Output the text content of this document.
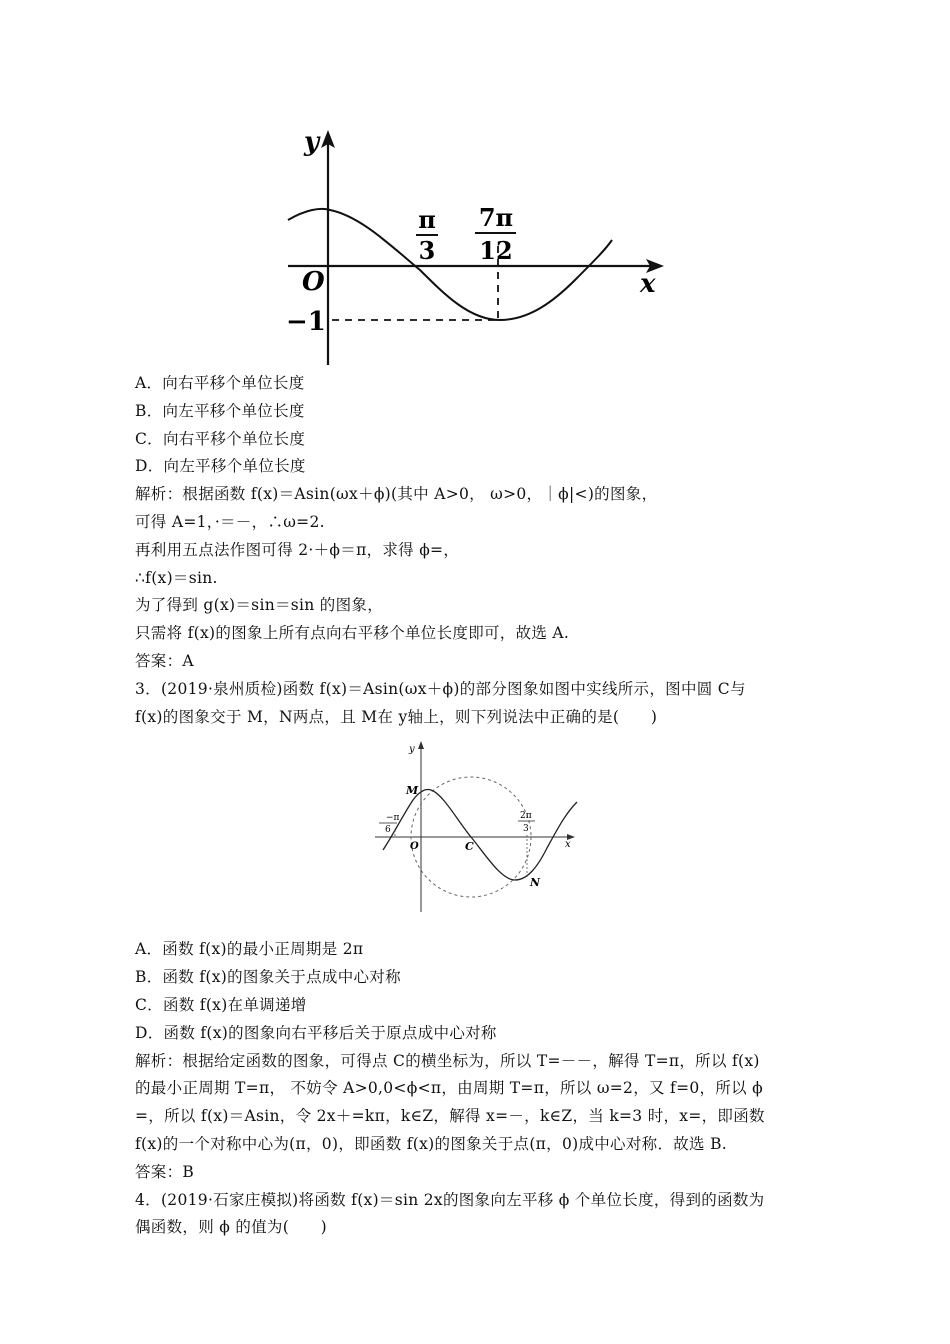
y
x
O
π
3
7π
12
−1
A．向右平移个单位长度
B．向左平移个单位长度
C．向右平移个单位长度
D．向左平移个单位长度
解析：根据函数 f(x)＝Asin(ωx＋ϕ)(其中 A>0， ω>0，｜ϕ|<)的图象，
可得 A=1，·＝－，∴ω=2.
再利用五点法作图可得 2·＋ϕ＝π，求得 ϕ=，
∴f(x)＝sin.
为了得到 g(x)＝sin＝sin 的图象，
只需将 f(x)的图象上所有点向右平移个单位长度即可，故选 A.
答案：A
3．(2019·泉州质检)函数 f(x)＝Asin(ωx＋ϕ)的部分图象如图中实线所示，图中圆 C与
f(x)的图象交于 M，N两点，且 M在 y轴上，则下列说法中正确的是(　　)
A．函数 f(x)的最小正周期是 2π
B．函数 f(x)的图象关于点成中心对称
C．函数 f(x)在单调递增
D．函数 f(x)的图象向右平移后关于原点成中心对称
解析：根据给定函数的图象，可得点 C的横坐标为，所以 T=－－，解得 T=π，所以 f(x)
的最小正周期 T=π， 不妨令 A>0,0<ϕ<π，由周期 T=π，所以 ω=2，又 f=0，所以 ϕ
=，所以 f(x)＝Asin，令 2x＋=kπ，k∈Z，解得 x=－，k∈Z，当 k=3 时，x=，即函数
f(x)的一个对称中心为(π，0)，即函数 f(x)的图象关于点(π，0)成中心对称．故选 B.
答案：B
4．(2019·石家庄模拟)将函数 f(x)＝sin 2x的图象向左平移 ϕ 个单位长度，得到的函数为
偶函数，则 ϕ 的值为(　　)
y
x
O
M
C
N
−π
6
2π
3
